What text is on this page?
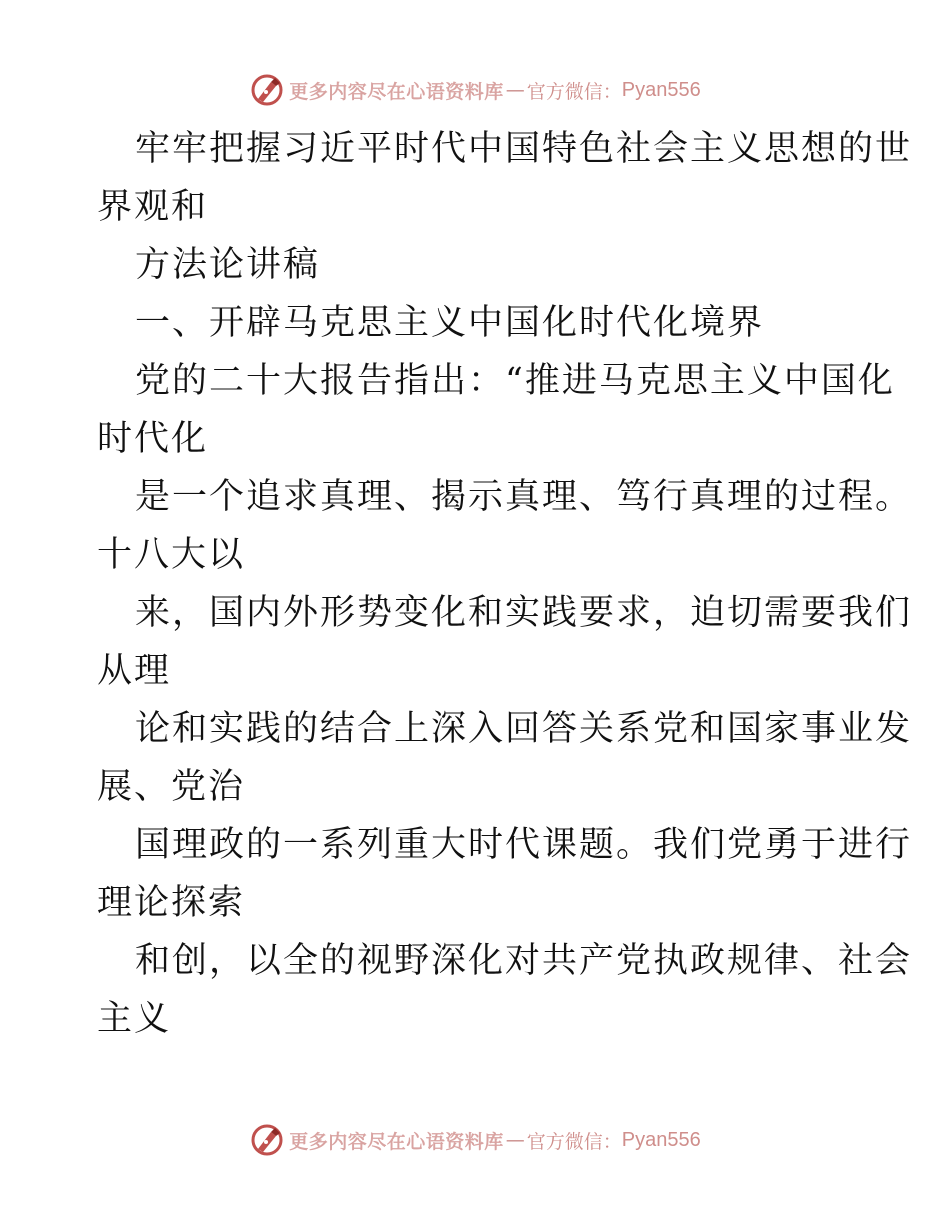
更多内容尽在心语资料库 — 官方微信： Pyan556
牢牢把握习近平时代中国特色社会主义思想的世
界观和
方法论讲稿
一、开辟马克思主义中国化时代化境界
党的二十大报告指出：“推进马克思主义中国化
时代化
是一个追求真理、揭示真理、笃行真理的过程。
十八大以
来，国内外形势变化和实践要求，迫切需要我们
从理
论和实践的结合上深入回答关系党和国家事业发
展、党治
国理政的一系列重大时代课题。我们党勇于进行
理论探索
和创，以全的视野深化对共产党执政规律、社会
主义
更多内容尽在心语资料库 — 官方微信： Pyan556
